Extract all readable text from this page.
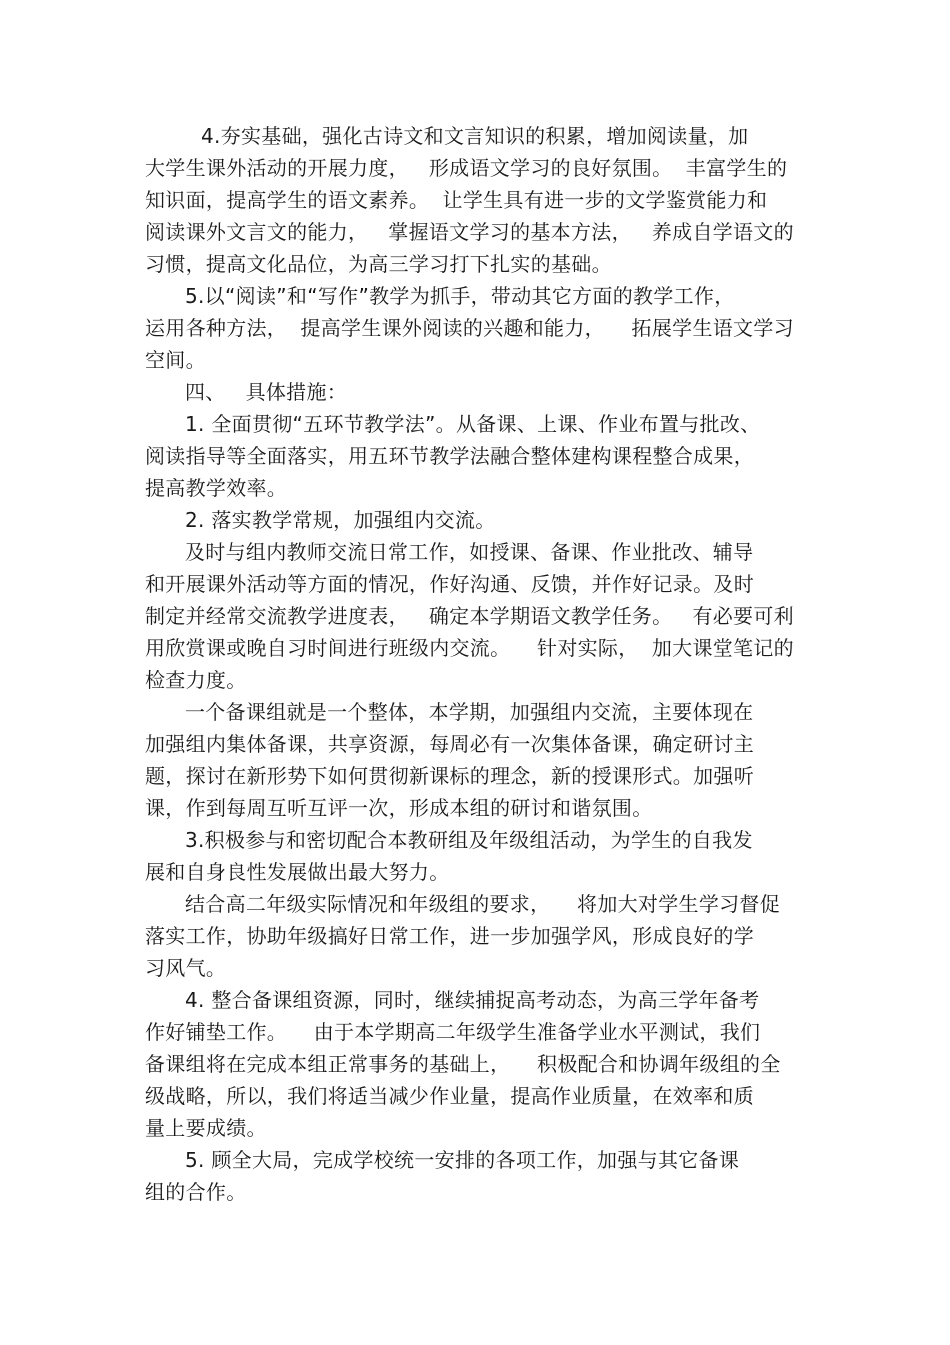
4.夯实基础，强化古诗文和文言知识的积累，增加阅读量，加
大学生课外活动的开展力度，   形成语文学习的良好氛围。  丰富学生的
知识面，提高学生的语文素养。  让学生具有进一步的文学鉴赏能力和
阅读课外文言文的能力，   掌握语文学习的基本方法，   养成自学语文的
习惯，提高文化品位，为高三学习打下扎实的基础。
5.以“阅读”和“写作”教学为抓手，带动其它方面的教学工作，
运用各种方法，  提高学生课外阅读的兴趣和能力，    拓展学生语文学习
空间。
四、   具体措施：
1. 全面贯彻“五环节教学法”。从备课、上课、作业布置与批改、
阅读指导等全面落实，用五环节教学法融合整体建构课程整合成果，
提高教学效率。
2. 落实教学常规，加强组内交流。
及时与组内教师交流日常工作，如授课、备课、作业批改、辅导
和开展课外活动等方面的情况，作好沟通、反馈，并作好记录。及时
制定并经常交流教学进度表，   确定本学期语文教学任务。   有必要可利
用欣赏课或晚自习时间进行班级内交流。    针对实际，  加大课堂笔记的
检查力度。
一个备课组就是一个整体，本学期，加强组内交流，主要体现在
加强组内集体备课，共享资源，每周必有一次集体备课，确定研讨主
题，探讨在新形势下如何贯彻新课标的理念，新的授课形式。加强听
课，作到每周互听互评一次，形成本组的研讨和谐氛围。
3.积极参与和密切配合本教研组及年级组活动，为学生的自我发
展和自身良性发展做出最大努力。
结合高二年级实际情况和年级组的要求，    将加大对学生学习督促
落实工作，协助年级搞好日常工作，进一步加强学风，形成良好的学
习风气。
4. 整合备课组资源，同时，继续捕捉高考动态，为高三学年备考
作好铺垫工作。    由于本学期高二年级学生准备学业水平测试，我们
备课组将在完成本组正常事务的基础上，    积极配合和协调年级组的全
级战略，所以，我们将适当减少作业量，提高作业质量，在效率和质
量上要成绩。
5. 顾全大局，完成学校统一安排的各项工作，加强与其它备课
组的合作。
